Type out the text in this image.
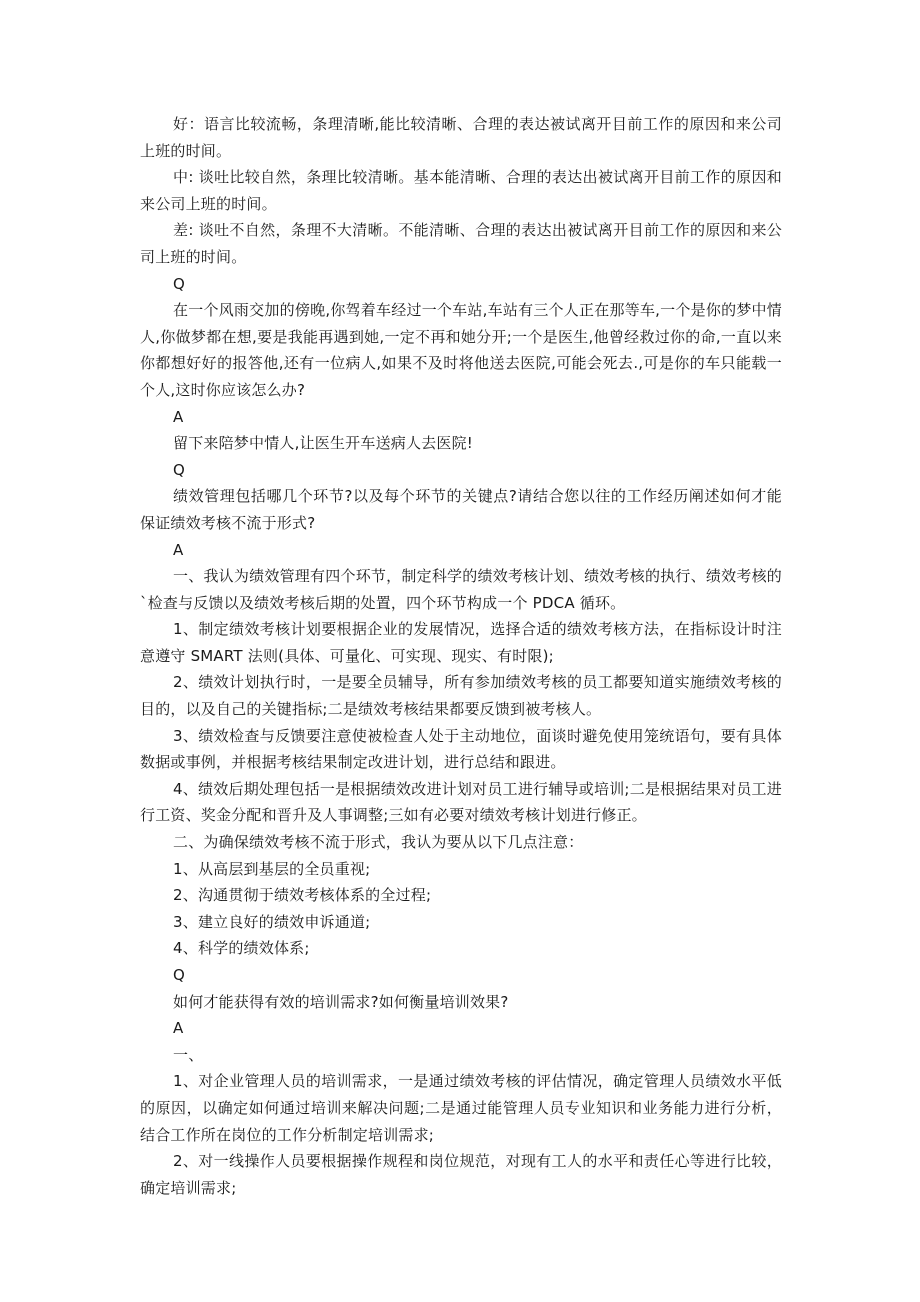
好：语言比较流畅，条理清晰,能比较清晰、合理的表达被试离开目前工作的原因和来公司上班的时间。

中: 谈吐比较自然，条理比较清晰。基本能清晰、合理的表达出被试离开目前工作的原因和来公司上班的时间。

差: 谈吐不自然，条理不大清晰。不能清晰、合理的表达出被试离开目前工作的原因和来公司上班的时间。

Q

在一个风雨交加的傍晚,你驾着车经过一个车站,车站有三个人正在那等车,一个是你的梦中情人,你做梦都在想,要是我能再遇到她,一定不再和她分开;一个是医生,他曾经救过你的命,一直以来你都想好好的报答他,还有一位病人,如果不及时将他送去医院,可能会死去.,可是你的车只能载一个人,这时你应该怎么办?

A

留下来陪梦中情人,让医生开车送病人去医院!

Q

绩效管理包括哪几个环节?以及每个环节的关键点?请结合您以往的工作经历阐述如何才能保证绩效考核不流于形式?

A

一、我认为绩效管理有四个环节，制定科学的绩效考核计划、绩效考核的执行、绩效考核的`检查与反馈以及绩效考核后期的处置，四个环节构成一个 PDCA 循环。

1、制定绩效考核计划要根据企业的发展情况，选择合适的绩效考核方法，在指标设计时注意遵守 SMART 法则(具体、可量化、可实现、现实、有时限);

2、绩效计划执行时，一是要全员辅导，所有参加绩效考核的员工都要知道实施绩效考核的目的，以及自己的关键指标;二是绩效考核结果都要反馈到被考核人。

3、绩效检查与反馈要注意使被检查人处于主动地位，面谈时避免使用笼统语句，要有具体数据或事例，并根据考核结果制定改进计划，进行总结和跟进。

4、绩效后期处理包括一是根据绩效改进计划对员工进行辅导或培训;二是根据结果对员工进行工资、奖金分配和晋升及人事调整;三如有必要对绩效考核计划进行修正。

二、为确保绩效考核不流于形式，我认为要从以下几点注意：

1、从高层到基层的全员重视;

2、沟通贯彻于绩效考核体系的全过程;

3、建立良好的绩效申诉通道;

4、科学的绩效体系;

Q

如何才能获得有效的培训需求?如何衡量培训效果?

A

一、

1、对企业管理人员的培训需求，一是通过绩效考核的评估情况，确定管理人员绩效水平低的原因，以确定如何通过培训来解决问题;二是通过能管理人员专业知识和业务能力进行分析，结合工作所在岗位的工作分析制定培训需求;

2、对一线操作人员要根据操作规程和岗位规范，对现有工人的水平和责任心等进行比较，确定培训需求;
